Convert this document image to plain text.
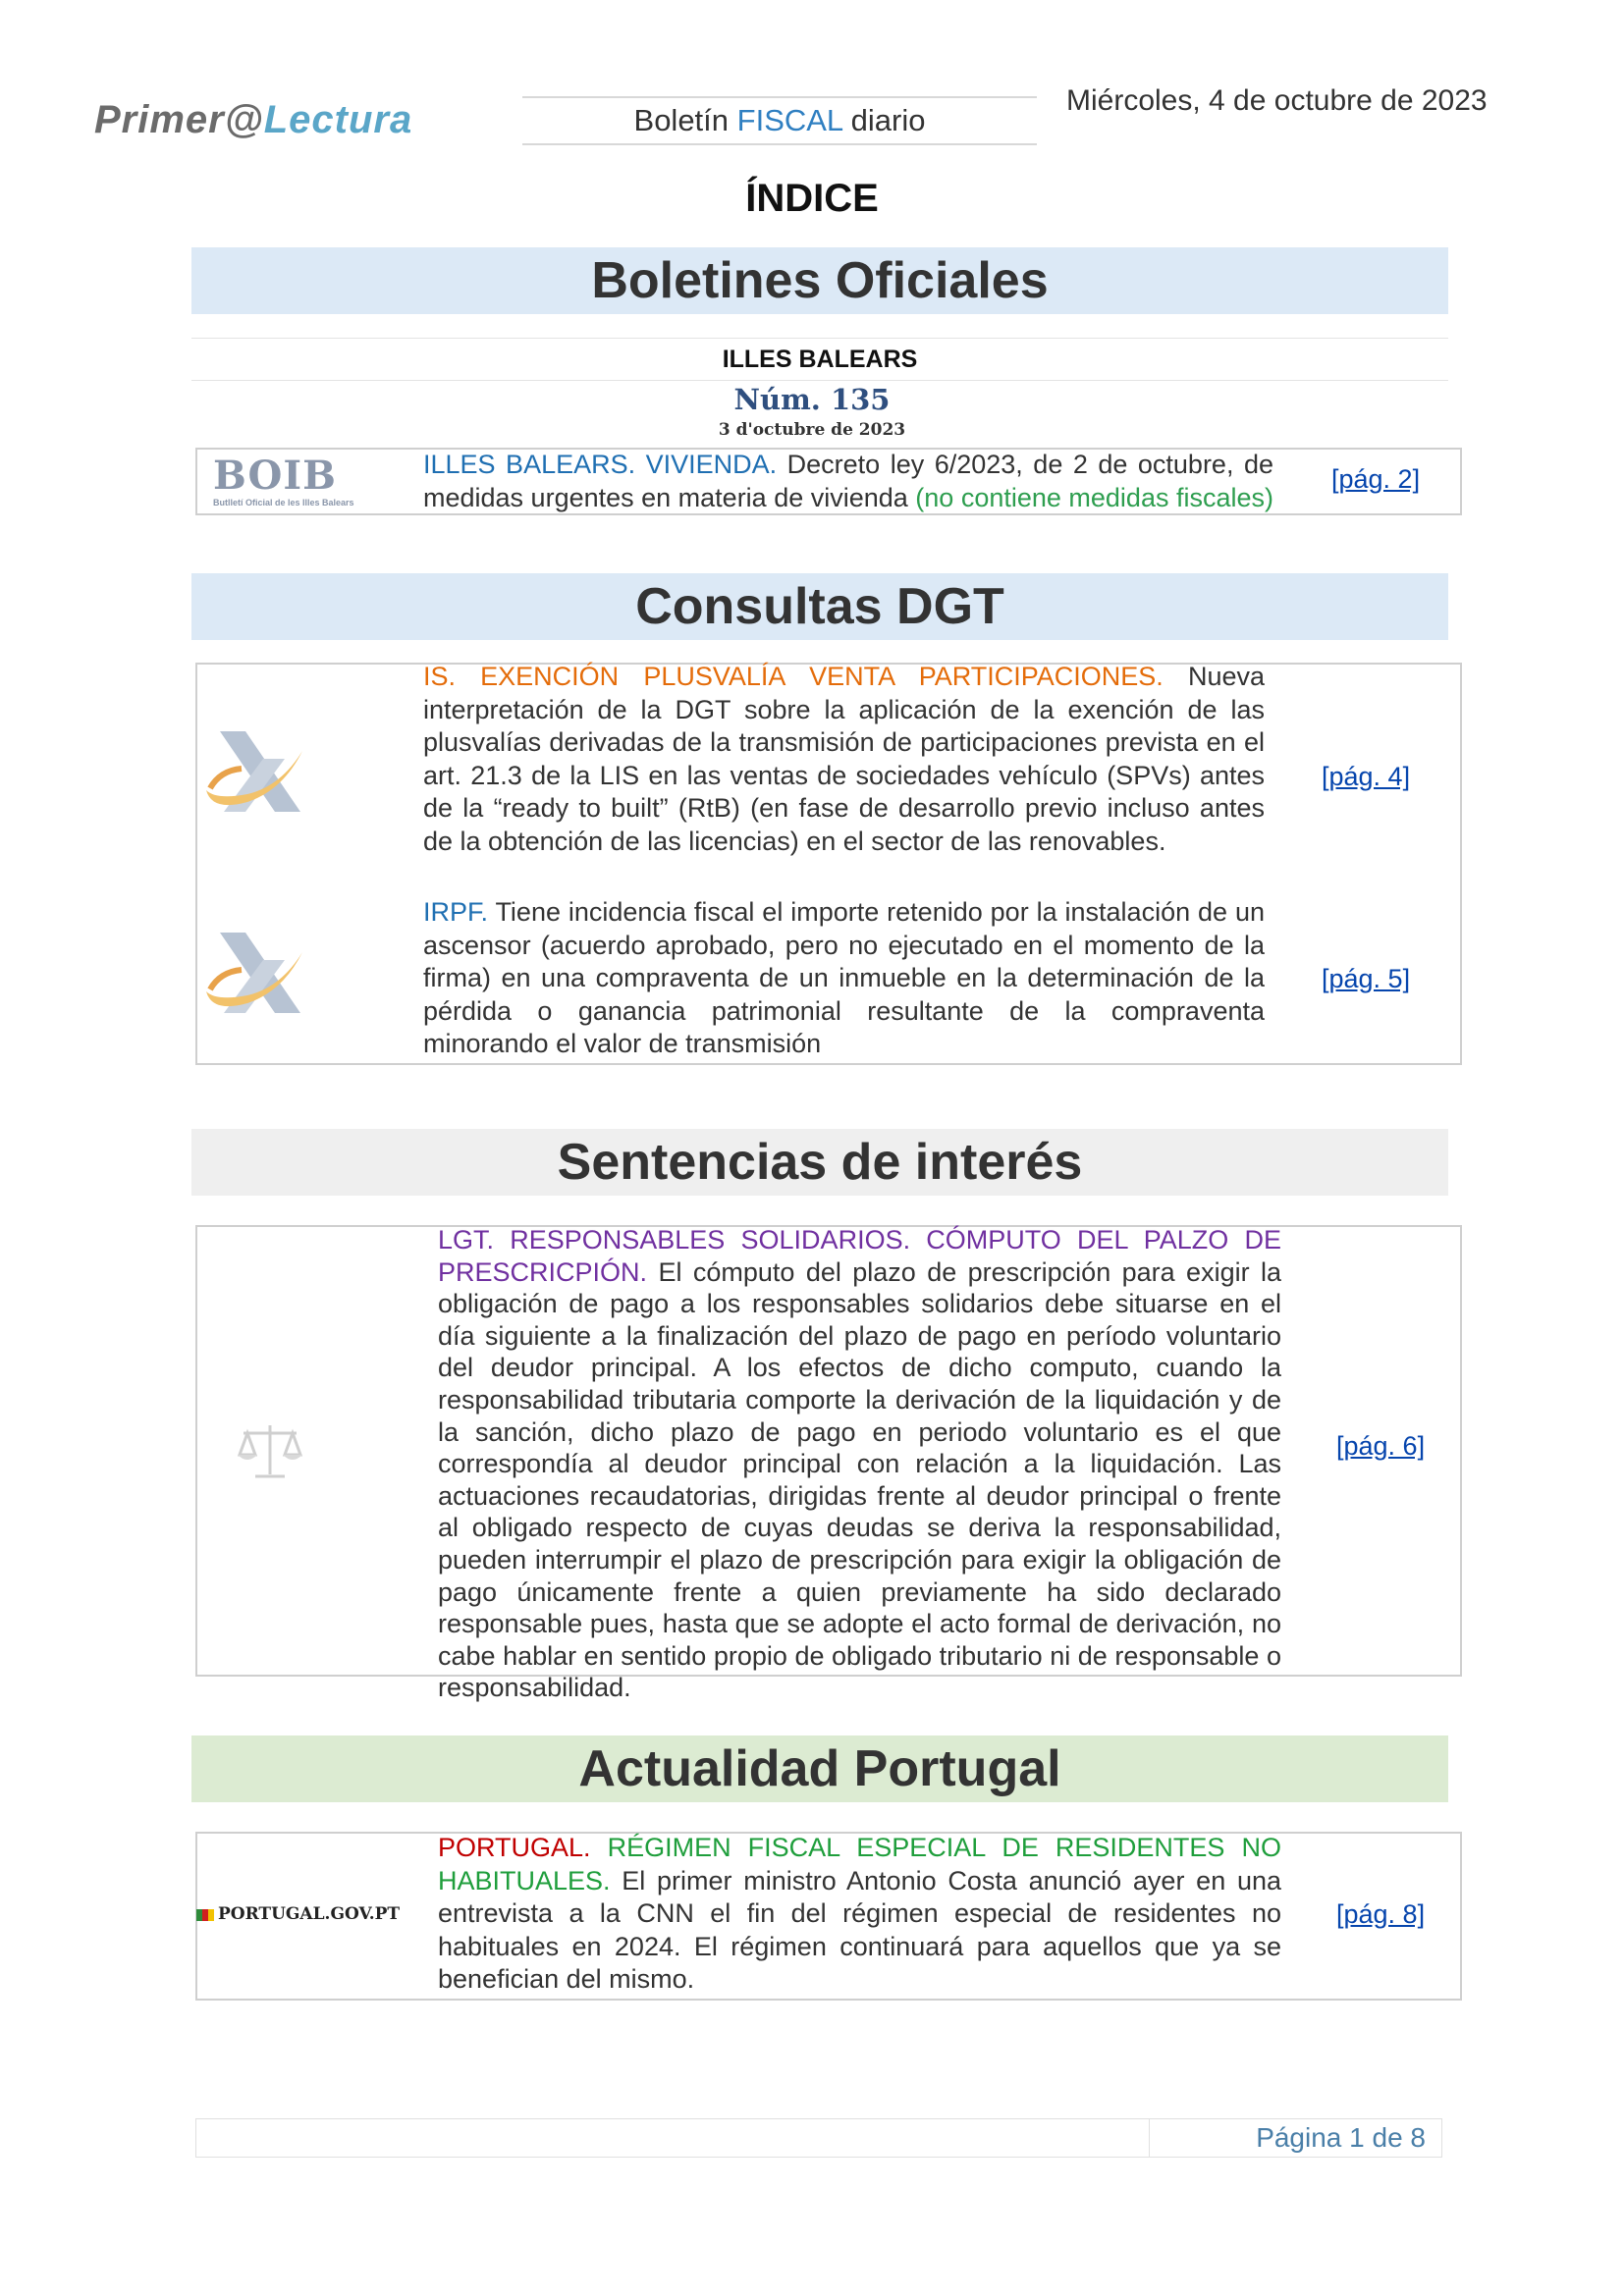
Primer@Lectura	Boletín FISCAL diario
Miércoles, 4 de octubre de 2023
ÍNDICE
Boletines Oficiales
ILLES BALEARS
Núm. 135
3 d'octubre de 2023
BOIB
Butlletí Oficial de les Illes Balears
ILLES BALEARS. VIVIENDA. Decreto ley 6/2023, de 2 de octubre, de medidas urgentes en materia de vivienda (no contiene medidas fiscales)
[pág. 2]
Consultas DGT
IS. EXENCIÓN PLUSVALÍA VENTA PARTICIPACIONES. Nueva interpretación de la DGT sobre la aplicación de la exención de las plusvalías derivadas de la transmisión de participaciones prevista en el art. 21.3 de la LIS en las ventas de sociedades vehículo (SPVs) antes de la “ready to built” (RtB) (en fase de desarrollo previo incluso antes de la obtención de las licencias) en el sector de las renovables.
[pág. 4]
IRPF. Tiene incidencia fiscal el importe retenido por la instalación de un ascensor (acuerdo aprobado, pero no ejecutado en el momento de la firma) en una compraventa de un inmueble en la determinación de la pérdida o ganancia patrimonial resultante de la compraventa minorando el valor de transmisión
[pág. 5]
Sentencias de interés
LGT. RESPONSABLES SOLIDARIOS. CÓMPUTO DEL PALZO DE PRESCRICPIÓN. El cómputo del plazo de prescripción para exigir la obligación de pago a los responsables solidarios debe situarse en el día siguiente a la finalización del plazo de pago en período voluntario del deudor principal. A los efectos de dicho computo, cuando la responsabilidad tributaria comporte la derivación de la liquidación y de la sanción, dicho plazo de pago en periodo voluntario es el que correspondía al deudor principal con relación a la liquidación. Las actuaciones recaudatorias, dirigidas frente al deudor principal o frente al obligado respecto de cuyas deudas se deriva la responsabilidad, pueden interrumpir el plazo de prescripción para exigir la obligación de pago únicamente frente a quien previamente ha sido declarado responsable pues, hasta que se adopte el acto formal de derivación, no cabe hablar en sentido propio de obligado tributario ni de responsable o responsabilidad.
[pág. 6]
Actualidad Portugal
PORTUGAL.GOV.PT
PORTUGAL. RÉGIMEN FISCAL ESPECIAL DE RESIDENTES NO HABITUALES. El primer ministro Antonio Costa anunció ayer en una entrevista a la CNN el fin del régimen especial de residentes no habituales en 2024. El régimen continuará para aquellos que ya se benefician del mismo.
[pág. 8]
Página 1 de 8
